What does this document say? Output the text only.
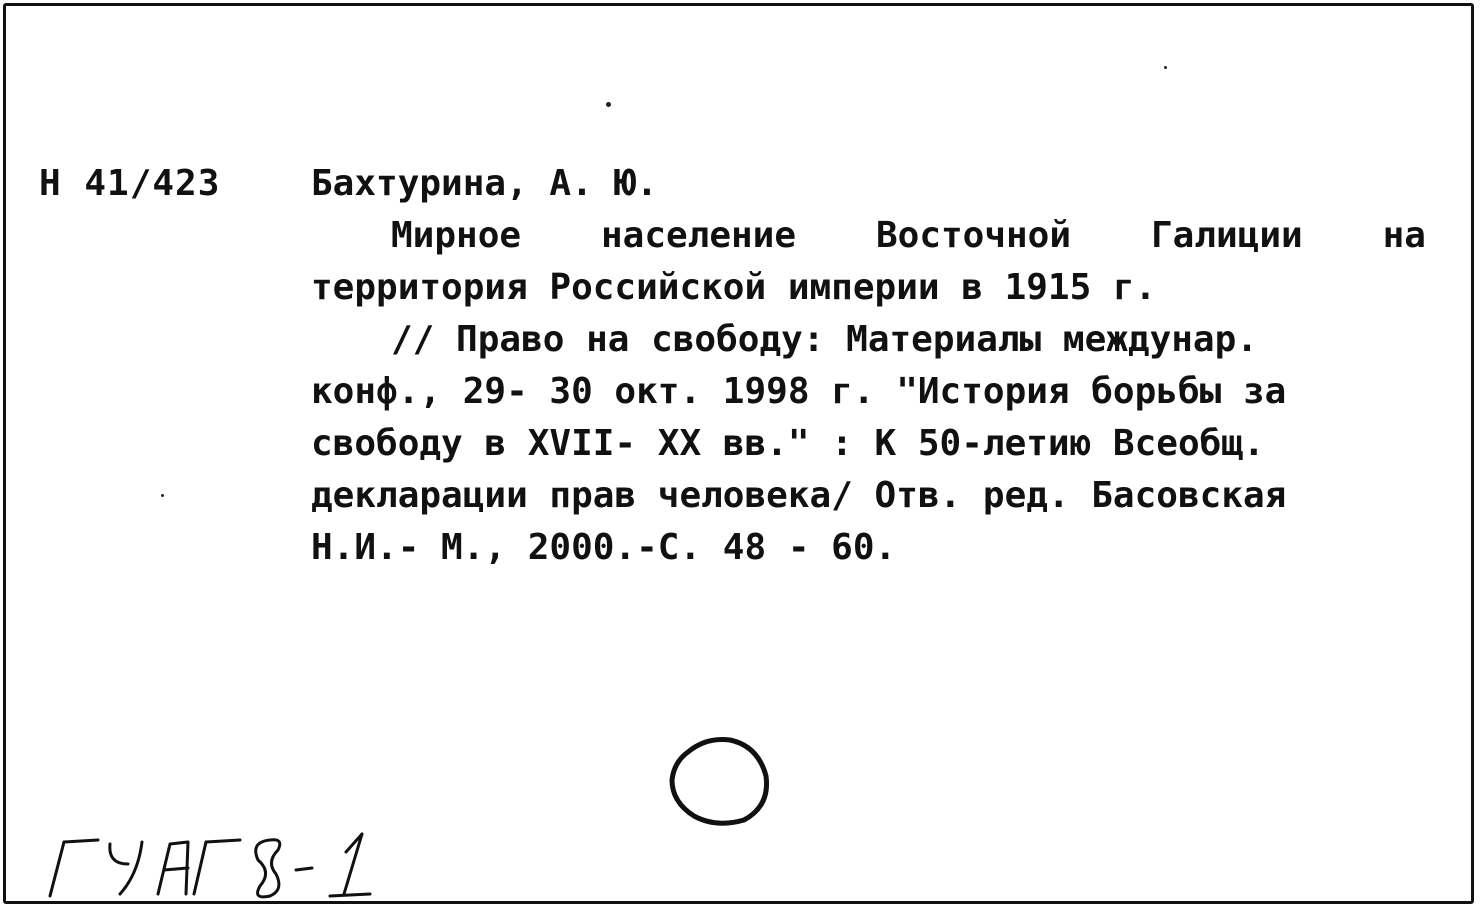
Н 41/423	Бахтурина, А. Ю.
Мирное население Восточной Галиции на
территория Российской империи в 1915 г.
// Право на свободу: Материалы междунар.
конф., 29- 30 окт. 1998 г. "История борьбы за
свободу в XVII- XX вв." : К 50-летию Всеобщ.
декларации прав человека/ Отв. ред. Басовская
Н.И.- М., 2000.-С. 48 - 60.
